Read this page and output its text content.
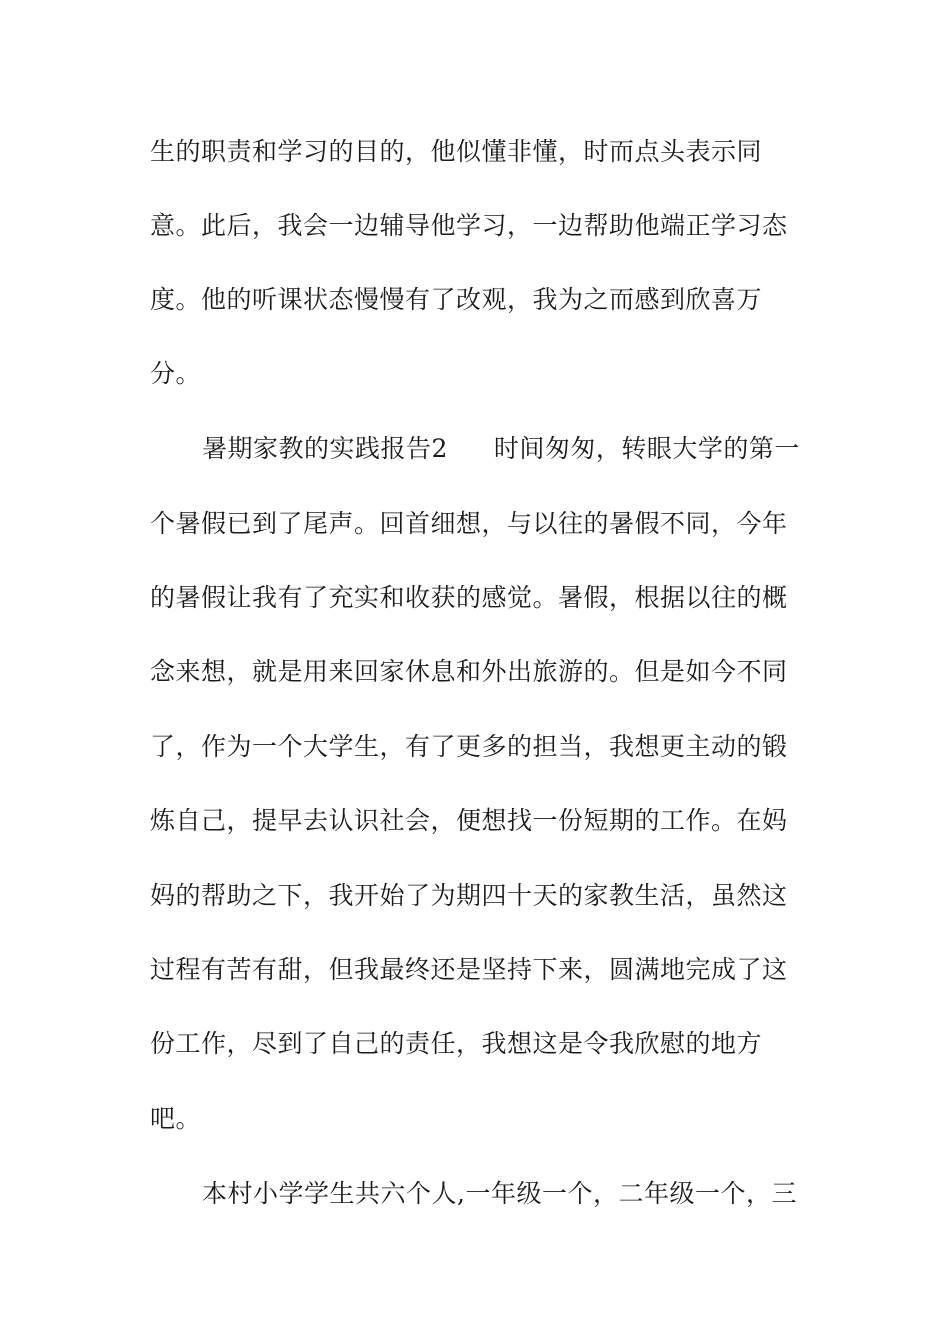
生的职责和学习的目的，他似懂非懂，时而点头表示同
意。此后，我会一边辅导他学习，一边帮助他端正学习态
度。他的听课状态慢慢有了改观，我为之而感到欣喜万
分。
暑期家教的实践报告2 时间匆匆，转眼大学的第一
个暑假已到了尾声。回首细想，与以往的暑假不同，今年
的暑假让我有了充实和收获的感觉。暑假，根据以往的概
念来想，就是用来回家休息和外出旅游的。但是如今不同
了，作为一个大学生，有了更多的担当，我想更主动的锻
炼自己，提早去认识社会，便想找一份短期的工作。在妈
妈的帮助之下，我开始了为期四十天的家教生活，虽然这
过程有苦有甜，但我最终还是坚持下来，圆满地完成了这
份工作，尽到了自己的责任，我想这是令我欣慰的地方
吧。
本村小学学生共六个人,一年级一个，二年级一个，三
